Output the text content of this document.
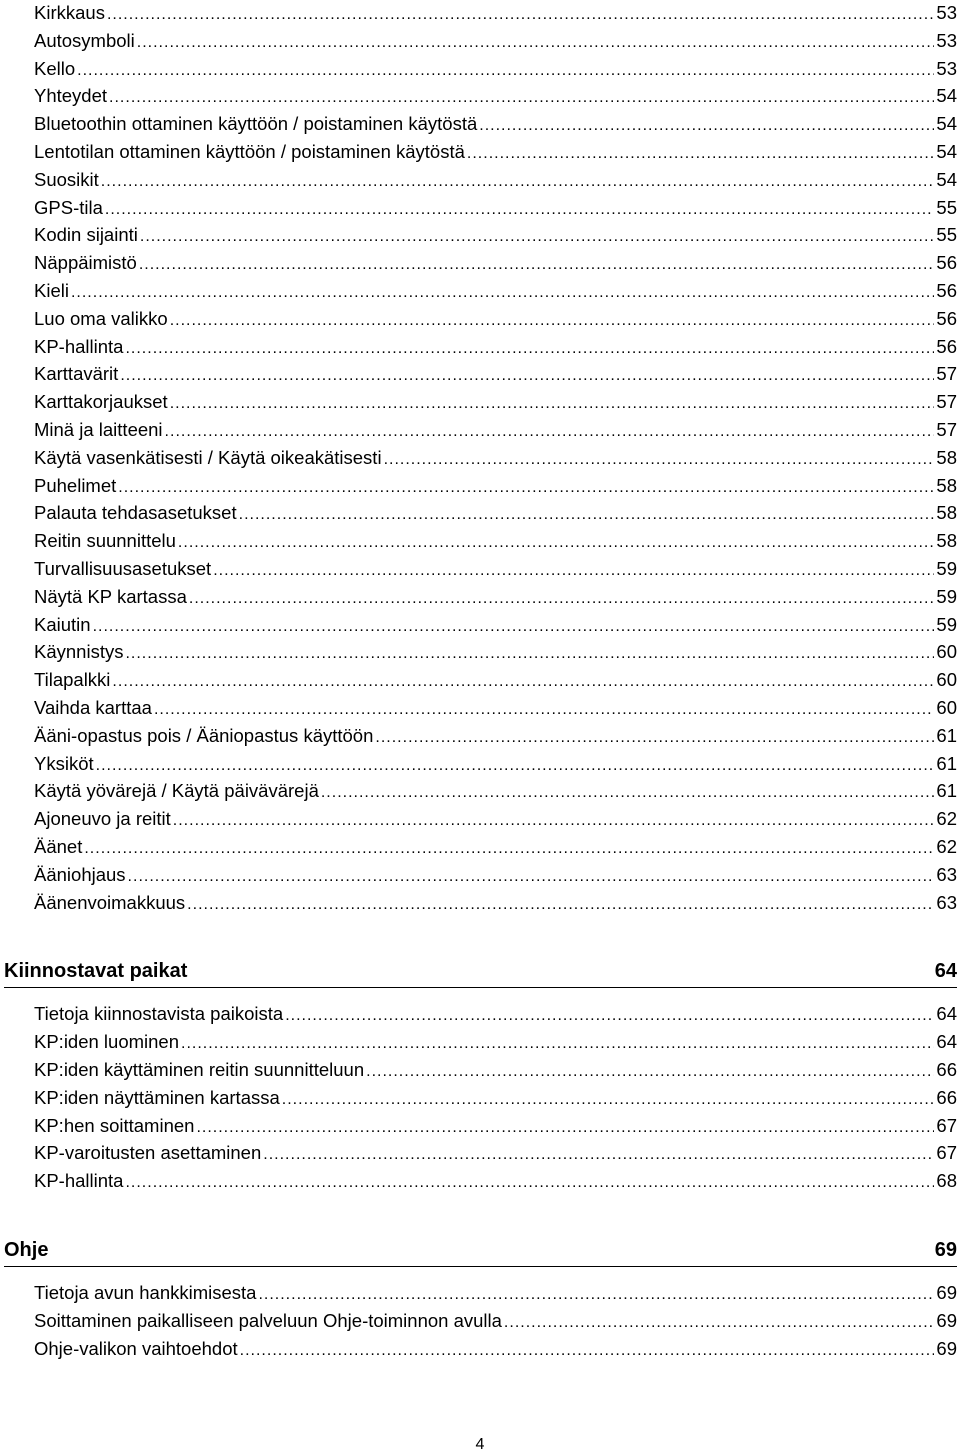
Kirkkaus .....	53
Autosymboli .....	53
Kello .....	53
Yhteydet .....	54
Bluetoothin ottaminen käyttöön / poistaminen käytöstä .....	54
Lentotilan ottaminen käyttöön / poistaminen käytöstä .....	54
Suosikit .....	54
GPS-tila .....	55
Kodin sijainti .....	55
Näppäimistö .....	56
Kieli .....	56
Luo oma valikko .....	56
KP-hallinta .....	56
Karttavärit .....	57
Karttakorjaukset .....	57
Minä ja laitteeni .....	57
Käytä vasenkätisesti / Käytä oikeakätisesti .....	58
Puhelimet .....	58
Palauta tehdasasetukset .....	58
Reitin suunnittelu .....	58
Turvallisuusasetukset .....	59
Näytä KP kartassa .....	59
Kaiutin .....	59
Käynnistys .....	60
Tilapalkki .....	60
Vaihda karttaa .....	60
Ääni-opastus pois / Ääniopastus käyttöön .....	61
Yksiköt .....	61
Käytä yövärejä / Käytä päivävärejä .....	61
Ajoneuvo ja reitit .....	62
Äänet .....	62
Ääniohjaus .....	63
Äänenvoimakkuus .....	63
Kiinnostavat paikat	64
Tietoja kiinnostavista paikoista .....	64
KP:iden luominen .....	64
KP:iden käyttäminen reitin suunnitteluun .....	66
KP:iden näyttäminen kartassa .....	66
KP:hen soittaminen .....	67
KP-varoitusten asettaminen .....	67
KP-hallinta .....	68
Ohje	69
Tietoja avun hankkimisesta .....	69
Soittaminen paikalliseen palveluun Ohje-toiminnon avulla .....	69
Ohje-valikon vaihtoehdot .....	69
4
